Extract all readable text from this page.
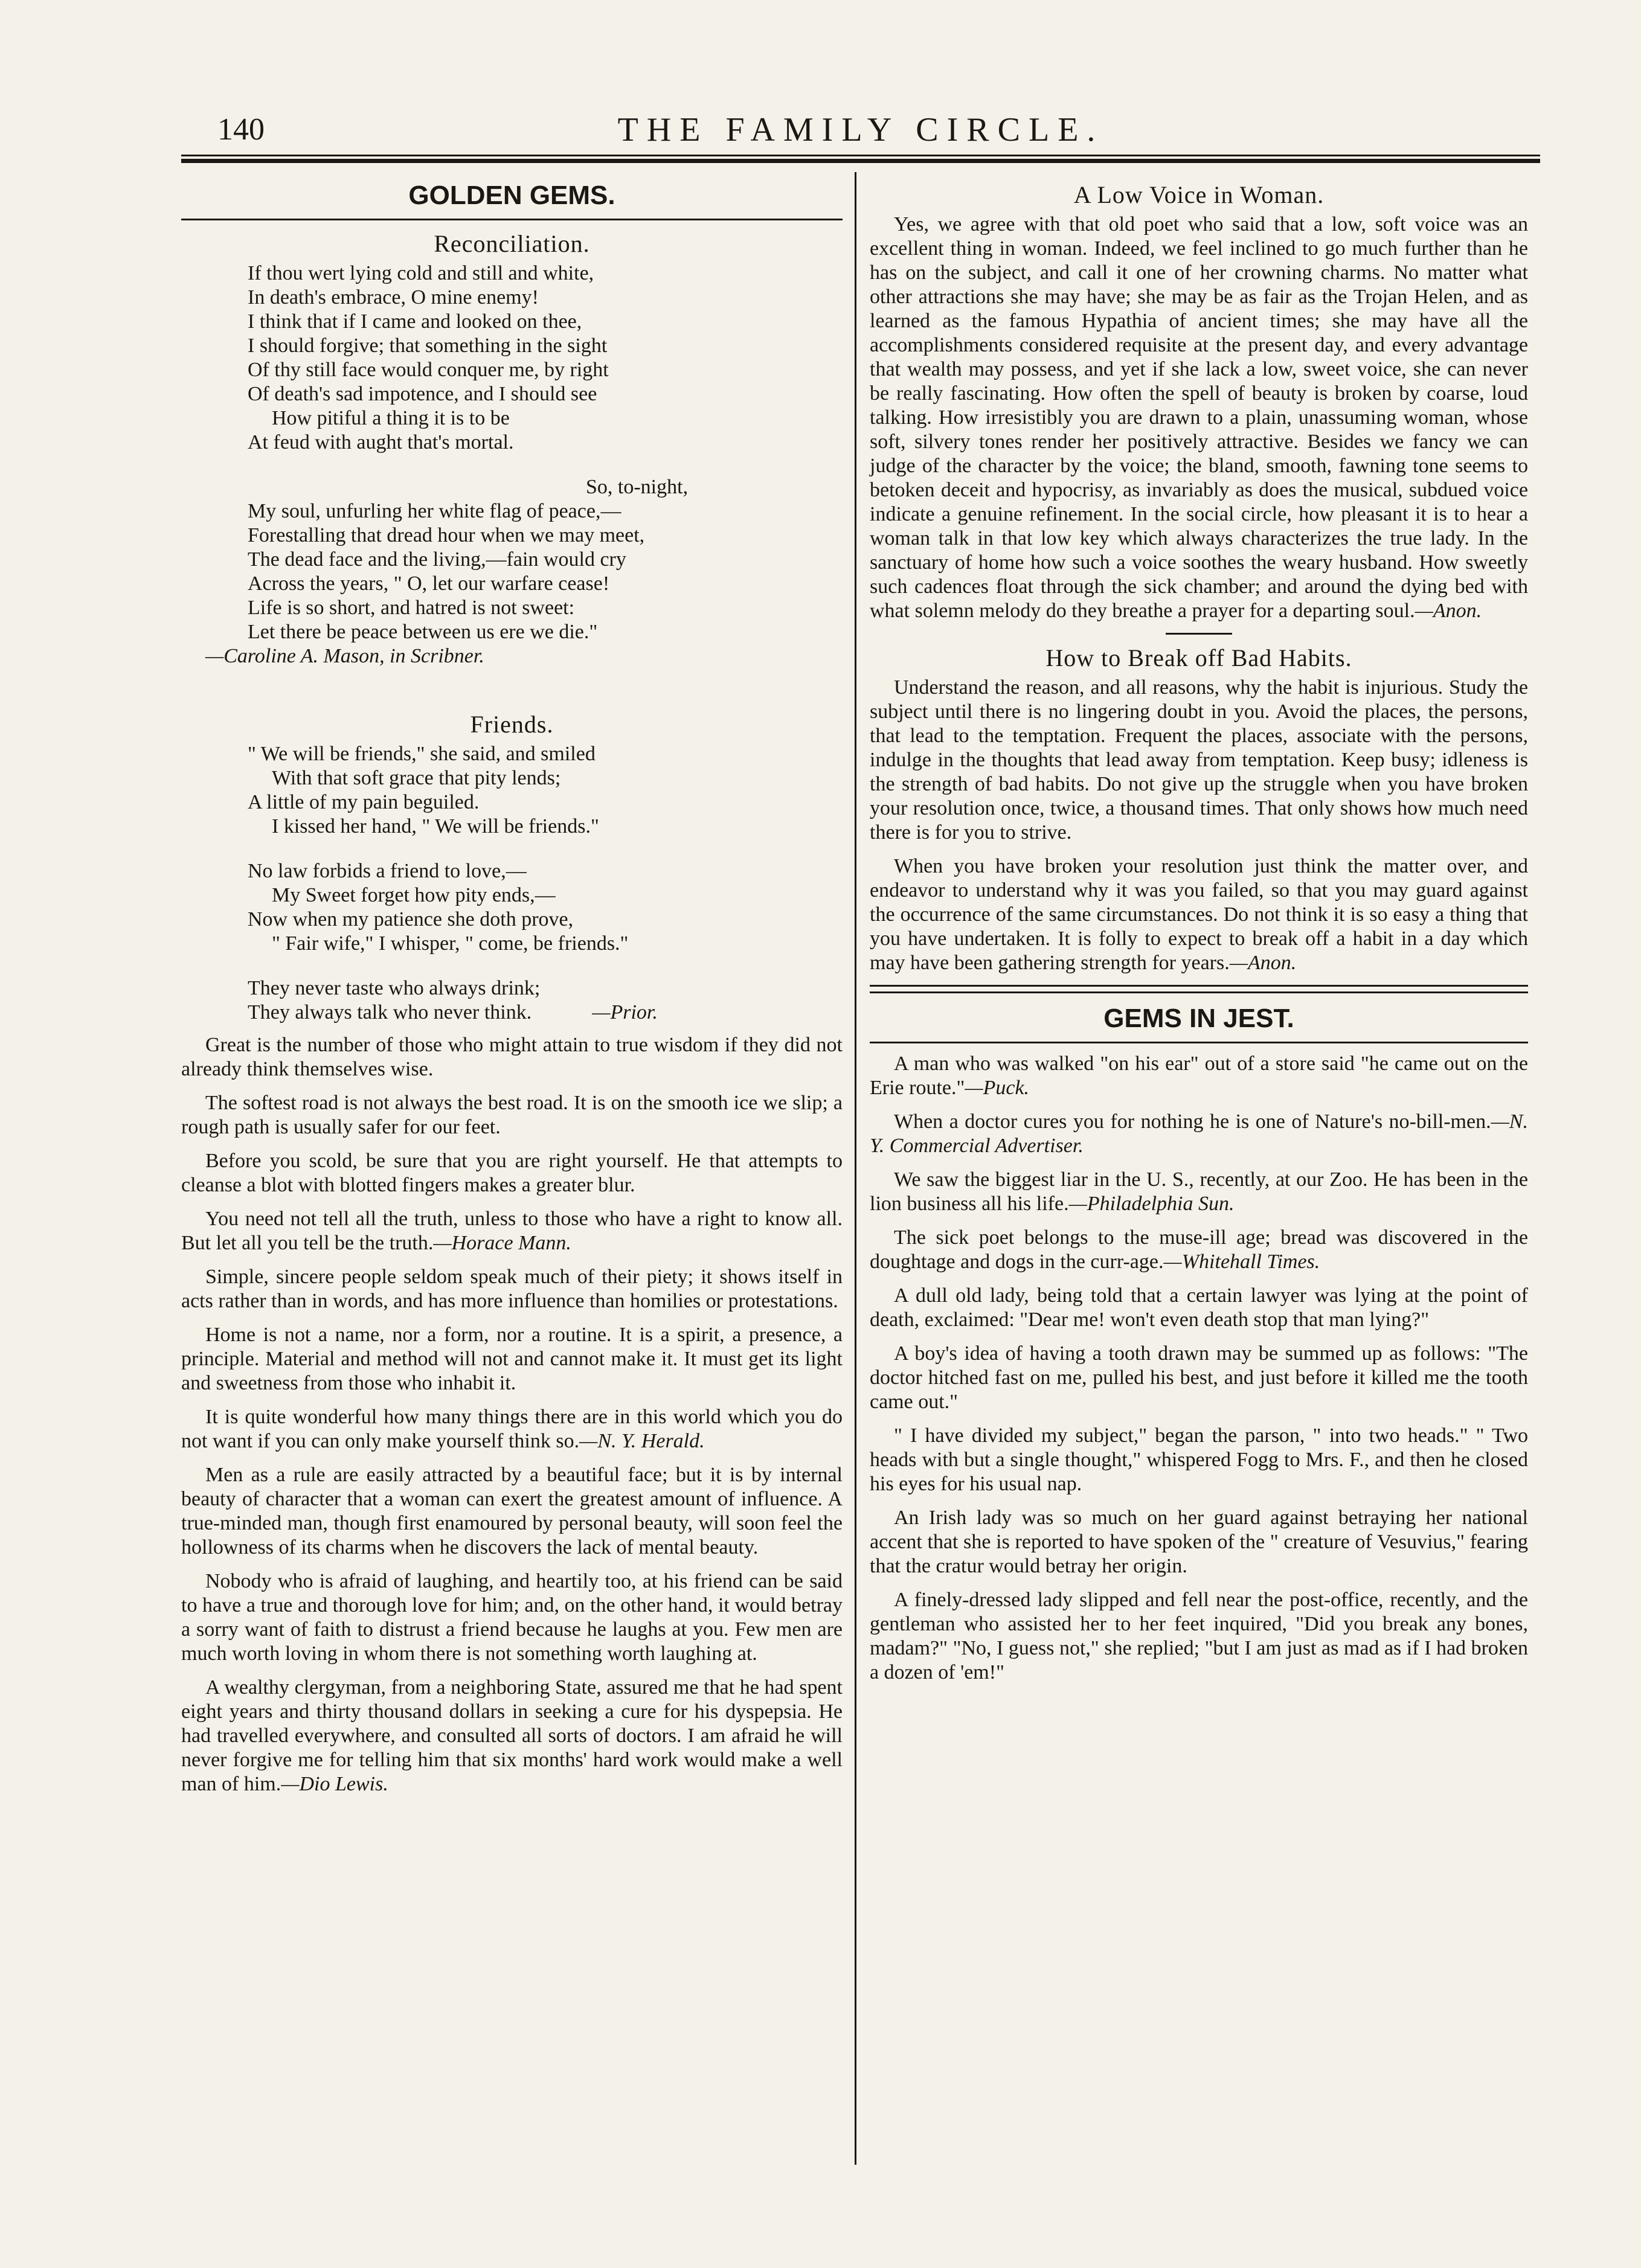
140	THE FAMILY CIRCLE.
GOLDEN GEMS.
Reconciliation.
If thou wert lying cold and still and white,
In death's embrace, O mine enemy!
I think that if I came and looked on thee,
I should forgive; that something in the sight
Of thy still face would conquer me, by right
Of death's sad impotence, and I should see
How pitiful a thing it is to be
At feud with aught that's mortal.
So, to-night,
My soul, unfurling her white flag of peace,—
Forestalling that dread hour when we may meet,
The dead face and the living,—fain would cry
Across the years, " O, let our warfare cease!
Life is so short, and hatred is not sweet:
Let there be peace between us ere we die."
—Caroline A. Mason, in Scribner.
Friends.
" We will be friends," she said, and smiled
With that soft grace that pity lends;
A little of my pain beguiled.
I kissed her hand, " We will be friends."
No law forbids a friend to love,—
My Sweet forget how pity ends,—
Now when my patience she doth prove,
" Fair wife," I whisper, " come, be friends."
They never taste who always drink;
They always talk who never think.	—Prior.

Great is the number of those who might attain to true wisdom if they did not already think themselves wise.

The softest road is not always the best road. It is on the smooth ice we slip; a rough path is usually safer for our feet.

Before you scold, be sure that you are right yourself. He that attempts to cleanse a blot with blotted fingers makes a greater blur.

You need not tell all the truth, unless to those who have a right to know all. But let all you tell be the truth.—Horace Mann.

Simple, sincere people seldom speak much of their piety; it shows itself in acts rather than in words, and has more influence than homilies or protestations.

Home is not a name, nor a form, nor a routine. It is a spirit, a presence, a principle. Material and method will not and cannot make it. It must get its light and sweetness from those who inhabit it.

It is quite wonderful how many things there are in this world which you do not want if you can only make yourself think so.—N. Y. Herald.

Men as a rule are easily attracted by a beautiful face; but it is by internal beauty of character that a woman can exert the greatest amount of influence. A true-minded man, though first enamoured by personal beauty, will soon feel the hollowness of its charms when he discovers the lack of mental beauty.

Nobody who is afraid of laughing, and heartily too, at his friend can be said to have a true and thorough love for him; and, on the other hand, it would betray a sorry want of faith to distrust a friend because he laughs at you. Few men are much worth loving in whom there is not something worth laughing at.

A wealthy clergyman, from a neighboring State, assured me that he had spent eight years and thirty thousand dollars in seeking a cure for his dyspepsia. He had travelled everywhere, and consulted all sorts of doctors. I am afraid he will never forgive me for telling him that six months' hard work would make a well man of him.—Dio Lewis.

A Low Voice in Woman.

Yes, we agree with that old poet who said that a low, soft voice was an excellent thing in woman. Indeed, we feel inclined to go much further than he has on the subject, and call it one of her crowning charms. No matter what other attractions she may have; she may be as fair as the Trojan Helen, and as learned as the famous Hypathia of ancient times; she may have all the accomplishments considered requisite at the present day, and every advantage that wealth may possess, and yet if she lack a low, sweet voice, she can never be really fascinating. How often the spell of beauty is broken by coarse, loud talking. How irresistibly you are drawn to a plain, unassuming woman, whose soft, silvery tones render her positively attractive. Besides we fancy we can judge of the character by the voice; the bland, smooth, fawning tone seems to betoken deceit and hypocrisy, as invariably as does the musical, subdued voice indicate a genuine refinement. In the social circle, how pleasant it is to hear a woman talk in that low key which always characterizes the true lady. In the sanctuary of home how such a voice soothes the weary husband. How sweetly such cadences float through the sick chamber; and around the dying bed with what solemn melody do they breathe a prayer for a departing soul.—Anon.

How to Break off Bad Habits.

Understand the reason, and all reasons, why the habit is injurious. Study the subject until there is no lingering doubt in you. Avoid the places, the persons, that lead to the temptation. Frequent the places, associate with the persons, indulge in the thoughts that lead away from temptation. Keep busy; idleness is the strength of bad habits. Do not give up the struggle when you have broken your resolution once, twice, a thousand times. That only shows how much need there is for you to strive.

When you have broken your resolution just think the matter over, and endeavor to understand why it was you failed, so that you may guard against the occurrence of the same circumstances. Do not think it is so easy a thing that you have undertaken. It is folly to expect to break off a habit in a day which may have been gathering strength for years.—Anon.

GEMS IN JEST.

A man who was walked "on his ear" out of a store said "he came out on the Erie route."—Puck.

When a doctor cures you for nothing he is one of Nature's no-bill-men.—N. Y. Commercial Advertiser.

We saw the biggest liar in the U. S., recently, at our Zoo. He has been in the lion business all his life.—Philadelphia Sun.

The sick poet belongs to the muse-ill age; bread was discovered in the doughtage and dogs in the curr-age.—Whitehall Times.

A dull old lady, being told that a certain lawyer was lying at the point of death, exclaimed: "Dear me! won't even death stop that man lying?"

A boy's idea of having a tooth drawn may be summed up as follows: "The doctor hitched fast on me, pulled his best, and just before it killed me the tooth came out."

" I have divided my subject," began the parson, " into two heads." " Two heads with but a single thought," whispered Fogg to Mrs. F., and then he closed his eyes for his usual nap.

An Irish lady was so much on her guard against betraying her national accent that she is reported to have spoken of the " creature of Vesuvius," fearing that the cratur would betray her origin.

A finely-dressed lady slipped and fell near the post-office, recently, and the gentleman who assisted her to her feet inquired, "Did you break any bones, madam?" "No, I guess not," she replied; "but I am just as mad as if I had broken a dozen of 'em!"
